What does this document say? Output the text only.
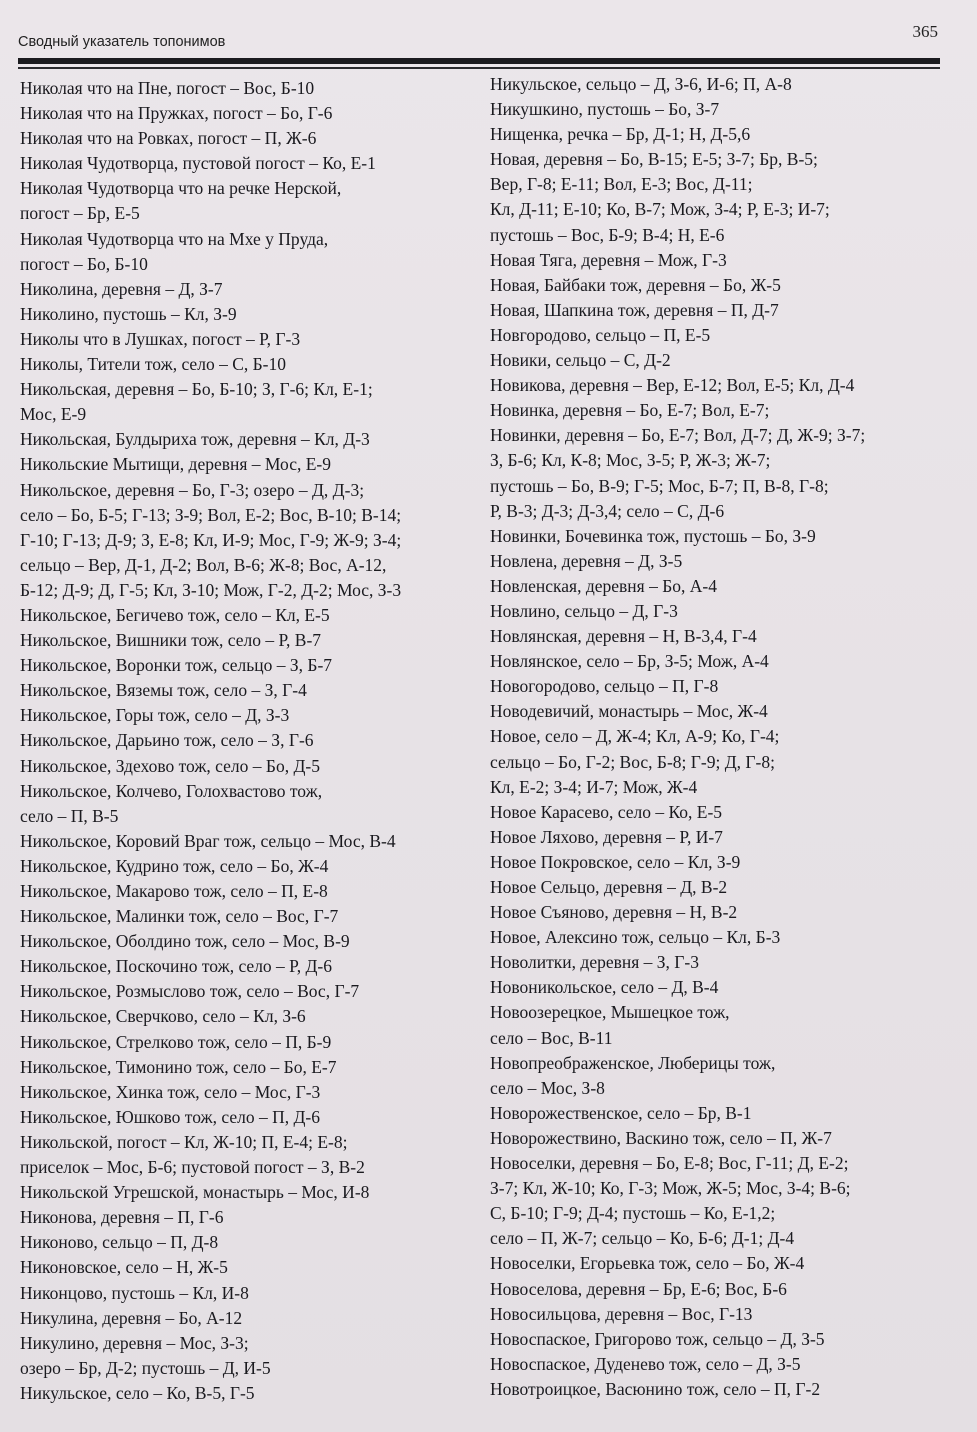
Сводный указатель топонимов
365
Николая что на Пне, погост – Вос, Б-10
Николая что на Пружках, погост – Бо, Г-6
Николая что на Ровках, погост – П, Ж-6
Николая Чудотворца, пустовой погост – Ко, Е-1
Николая Чудотворца что на речке Нерской,
погост – Бр, Е-5
Николая Чудотворца что на Мхе у Пруда,
погост – Бо, Б-10
Николина, деревня – Д, З-7
Николино, пустошь – Кл, З-9
Николы что в Лушках, погост – Р, Г-3
Николы, Тители тож, село – С, Б-10
Никольская, деревня – Бо, Б-10; З, Г-6; Кл, Е-1;
Мос, Е-9
Никольская, Булдыриха тож, деревня – Кл, Д-3
Никольские Мытищи, деревня – Мос, Е-9
Никольское, деревня – Бо, Г-3; озеро – Д, Д-3;
село – Бо, Б-5; Г-13; З-9; Вол, Е-2; Вос, В-10; В-14;
Г-10; Г-13; Д-9; З, Е-8; Кл, И-9; Мос, Г-9; Ж-9; З-4;
сельцо – Вер, Д-1, Д-2; Вол, В-6; Ж-8; Вос, А-12,
Б-12; Д-9; Д, Г-5; Кл, З-10; Мож, Г-2, Д-2; Мос, З-3
Никольское, Бегичево тож, село – Кл, Е-5
Никольское, Вишники тож, село – Р, В-7
Никольское, Воронки тож, сельцо – З, Б-7
Никольское, Вяземы тож, село – З, Г-4
Никольское, Горы тож, село – Д, З-3
Никольское, Дарьино тож, село – З, Г-6
Никольское, Здехово тож, село – Бо, Д-5
Никольское, Колчево, Голохвастово тож,
село – П, В-5
Никольское, Коровий Враг тож, сельцо – Мос, В-4
Никольское, Кудрино тож, село – Бо, Ж-4
Никольское, Макарово тож, село – П, Е-8
Никольское, Малинки тож, село – Вос, Г-7
Никольское, Оболдино тож, село – Мос, В-9
Никольское, Поскочино тож, село – Р, Д-6
Никольское, Розмыслово тож, село – Вос, Г-7
Никольское, Сверчково, село – Кл, З-6
Никольское, Стрелково тож, село – П, Б-9
Никольское, Тимонино тож, село – Бо, Е-7
Никольское, Хинка тож, село – Мос, Г-3
Никольское, Юшково тож, село – П, Д-6
Никольской, погост – Кл, Ж-10; П, Е-4; Е-8;
приселок – Мос, Б-6; пустовой погост – З, В-2
Никольской Угрешской, монастырь – Мос, И-8
Никонова, деревня – П, Г-6
Никоново, сельцо – П, Д-8
Никоновское, село – Н, Ж-5
Никонцово, пустошь – Кл, И-8
Никулина, деревня – Бо, А-12
Никулино, деревня – Мос, З-3;
озеро – Бр, Д-2; пустошь – Д, И-5
Никульское, село – Ко, В-5, Г-5
Никульское, сельцо – Д, З-6, И-6; П, А-8
Никушкино, пустошь – Бо, З-7
Нищенка, речка – Бр, Д-1; Н, Д-5,6
Новая, деревня – Бо, В-15; Е-5; З-7; Бр, В-5;
Вер, Г-8; Е-11; Вол, Е-3; Вос, Д-11;
Кл, Д-11; Е-10; Ко, В-7; Мож, З-4; Р, Е-3; И-7;
пустошь – Вос, Б-9; В-4; Н, Е-6
Новая Тяга, деревня – Мож, Г-3
Новая, Байбаки тож, деревня – Бо, Ж-5
Новая, Шапкина тож, деревня – П, Д-7
Новгородово, сельцо – П, Е-5
Новики, сельцо – С, Д-2
Новикова, деревня – Вер, Е-12; Вол, Е-5; Кл, Д-4
Новинка, деревня – Бо, Е-7; Вол, Е-7;
Новинки, деревня – Бо, Е-7; Вол, Д-7; Д, Ж-9; З-7;
З, Б-6; Кл, К-8; Мос, З-5; Р, Ж-3; Ж-7;
пустошь – Бо, В-9; Г-5; Мос, Б-7; П, В-8, Г-8;
Р, В-3; Д-3; Д-3,4; село – С, Д-6
Новинки, Бочевинка тож, пустошь – Бо, З-9
Новлена, деревня – Д, З-5
Новленская, деревня – Бо, А-4
Новлино, сельцо – Д, Г-3
Новлянская, деревня – Н, В-3,4, Г-4
Новлянское, село – Бр, З-5; Мож, А-4
Новогородово, сельцо – П, Г-8
Новодевичий, монастырь – Мос, Ж-4
Новое, село – Д, Ж-4; Кл, А-9; Ко, Г-4;
сельцо – Бо, Г-2; Вос, Б-8; Г-9; Д, Г-8;
Кл, Е-2; З-4; И-7; Мож, Ж-4
Новое Карасево, село – Ко, Е-5
Новое Ляхово, деревня – Р, И-7
Новое Покровское, село – Кл, З-9
Новое Сельцо, деревня – Д, В-2
Новое Съяново, деревня – Н, В-2
Новое, Алексино тож, сельцо – Кл, Б-3
Новолитки, деревня – З, Г-3
Новоникольское, село – Д, В-4
Новоозерецкое, Мышецкое тож,
село – Вос, В-11
Новопреображенское, Люберицы тож,
село – Мос, З-8
Новорожественское, село – Бр, В-1
Новорожествино, Васкино тож, село – П, Ж-7
Новоселки, деревня – Бо, Е-8; Вос, Г-11; Д, Е-2;
З-7; Кл, Ж-10; Ко, Г-3; Мож, Ж-5; Мос, З-4; В-6;
С, Б-10; Г-9; Д-4; пустошь – Ко, Е-1,2;
село – П, Ж-7; сельцо – Ко, Б-6; Д-1; Д-4
Новоселки, Егорьевка тож, село – Бо, Ж-4
Новоселова, деревня – Бр, Е-6; Вос, Б-6
Новосильцова, деревня – Вос, Г-13
Новоспаское, Григорово тож, сельцо – Д, З-5
Новоспаское, Дуденево тож, село – Д, З-5
Новотроицкое, Васюнино тож, село – П, Г-2
